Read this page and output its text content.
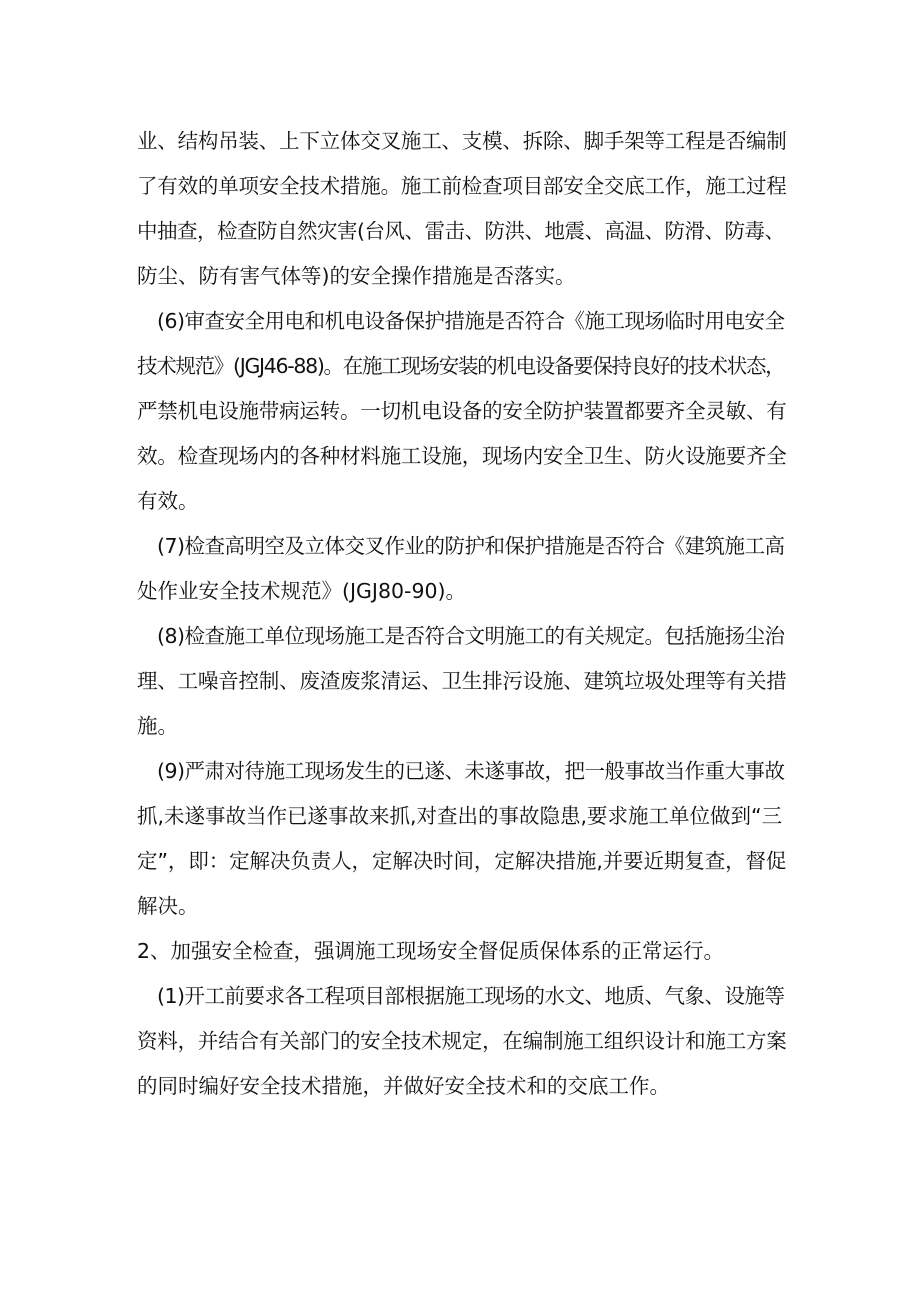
业、结构吊装、上下立体交叉施工、支模、拆除、脚手架等工程是否编制
了有效的单项安全技术措施。施工前检查项目部安全交底工作，施工过程
中抽查，检查防自然灾害(台风、雷击、防洪、地震、高温、防滑、防毒、
防尘、防有害气体等)的安全操作措施是否落实。
(6)审查安全用电和机电设备保护措施是否符合《施工现场临时用电安全
技术规范》(JGJ46-88)。在施工现场安装的机电设备要保持良好的技术状态，
严禁机电设施带病运转。一切机电设备的安全防护装置都要齐全灵敏、有
效。检查现场内的各种材料施工设施，现场内安全卫生、防火设施要齐全
有效。
(7)检查高明空及立体交叉作业的防护和保护措施是否符合《建筑施工高
处作业安全技术规范》(JGJ80-90)。
(8)检查施工单位现场施工是否符合文明施工的有关规定。包括施扬尘治
理、工噪音控制、废渣废浆清运、卫生排污设施、建筑垃圾处理等有关措
施。
(9)严肃对待施工现场发生的已遂、未遂事故，把一般事故当作重大事故
抓,未遂事故当作已遂事故来抓,对查出的事故隐患,要求施工单位做到“三
定”，即：定解决负责人，定解决时间，定解决措施,并要近期复查，督促
解决。
2、加强安全检查，强调施工现场安全督促质保体系的正常运行。
(1)开工前要求各工程项目部根据施工现场的水文、地质、气象、设施等
资料，并结合有关部门的安全技术规定，在编制施工组织设计和施工方案
的同时编好安全技术措施，并做好安全技术和的交底工作。
